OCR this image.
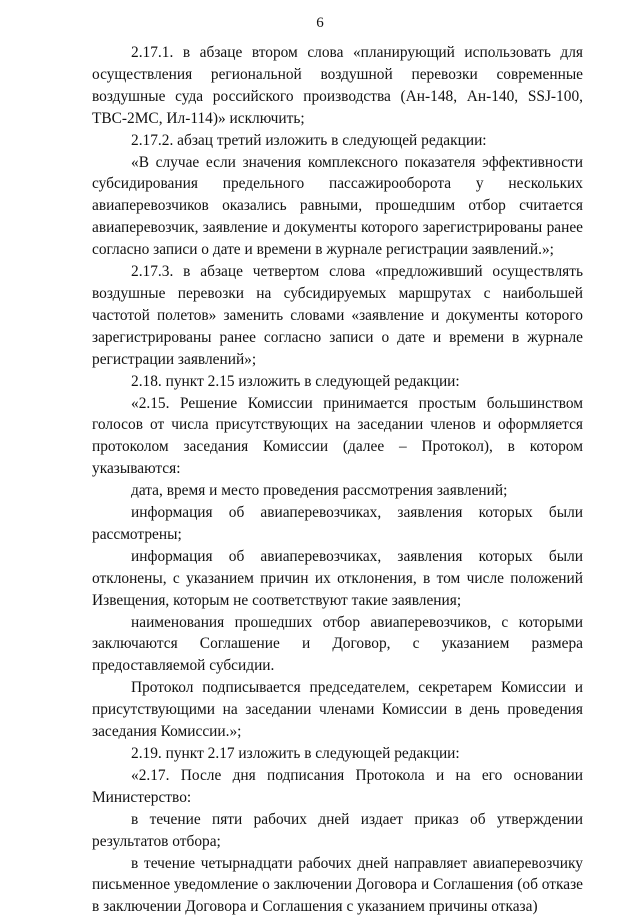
6

2.17.1. в абзаце втором слова «планирующий использовать для осуществления региональной воздушной перевозки современные воздушные суда российского производства (Ан-148, Ан-140, SSJ-100, ТВС-2МС, Ил-114)» исключить;

2.17.2. абзац третий изложить в следующей редакции:

«В случае если значения комплексного показателя эффективности субсидирования предельного пассажирооборота у нескольких авиаперевозчиков оказались равными, прошедшим отбор считается авиаперевозчик, заявление и документы которого зарегистрированы ранее согласно записи о дате и времени в журнале регистрации заявлений.»;

2.17.3. в абзаце четвертом слова «предложивший осуществлять воздушные перевозки на субсидируемых маршрутах с наибольшей частотой полетов» заменить словами «заявление и документы которого зарегистрированы ранее согласно записи о дате и времени в журнале регистрации заявлений»;

2.18. пункт 2.15 изложить в следующей редакции:

«2.15. Решение Комиссии принимается простым большинством голосов от числа присутствующих на заседании членов и оформляется протоколом заседания Комиссии (далее – Протокол), в котором указываются:

дата, время и место проведения рассмотрения заявлений;

информация об авиаперевозчиках, заявления которых были рассмотрены;

информация об авиаперевозчиках, заявления которых были отклонены, с указанием причин их отклонения, в том числе положений Извещения, которым не соответствуют такие заявления;

наименования прошедших отбор авиаперевозчиков, с которыми заключаются Соглашение и Договор, с указанием размера предоставляемой субсидии.

Протокол подписывается председателем, секретарем Комиссии и присутствующими на заседании членами Комиссии в день проведения заседания Комиссии.»;

2.19. пункт 2.17 изложить в следующей редакции:

«2.17. После дня подписания Протокола и на его основании Министерство:

в течение пяти рабочих дней издает приказ об утверждении результатов отбора;

в течение четырнадцати рабочих дней направляет авиаперевозчику письменное уведомление о заключении Договора и Соглашения (об отказе в заключении Договора и Соглашения с указанием причины отказа)
